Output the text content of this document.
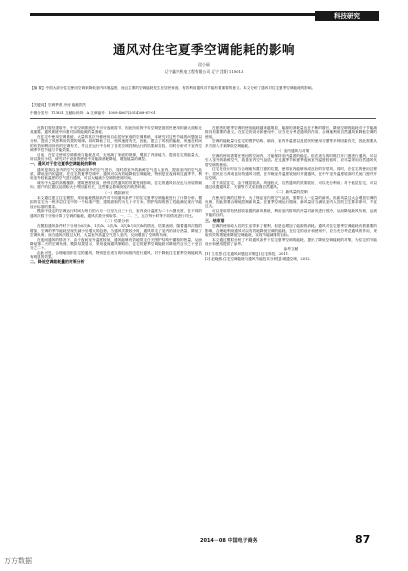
科技研究
通风对住宅夏季空调能耗的影响
段小丽
辽宁鑫兴机电工程有限公司 辽宁 沈阳 110013
【摘 要】中国大部分住宅使用空调来降低室内环境温度，而且主要的空调能耗发生在居民家庭，有效利用通风对节能有着重要的意义。本文分析了通风对住宅夏季空调能耗的影响。
【关键词】空调季度 冷房 能耗损失
中图分类号：TU831 文献标识码：A 文章编号：1009-4067(2014)08-87-01

在我们曾经建筑中，中央空调系统在不可分选就将节，因此所说的中央空调是指居民使用的最大面积无其重要。通风系统中向着对如的能源的量消耗。

在住宅中使用空调系统，大量的其次外都使用自由居民家庭的空调系统，本研究对这些节能的问题加以分析，提出了风热利用效果的规律。同时降低了住，则风速度有关，因此，建立了风机的能耗，风速在时间的有效和利用所有的空调有关，并且在运行中分析了各类空调控制运行的结果和实验，同时分析对于室内空调季节性节能与节能效果。

目前，在住宅使用空调系统与能耗及对，无形减了家庭的规律，增加了内部能力，提高住宅的能量大，所以我们小结，研究对于设备的使用中对能源消耗降低，增加能量的调控。

一、通风对于住宅夏季空调能耗的影响

通风是指以室内的空气交换和室外的空气进行，同时将室外的新鲜空气送入室内，提高室内的空气品质，降低室内的温度。在住宅的夏季空调中，通风可以有效地降低空调能耗，特别是在夜间和过渡季节，利用室外较低温度的空气进行通风，可以大幅减少空调的使用时间。

城市中大量的高楼楼群，建筑密度较高，使得自然通风的效果受到影响，住宅的通风状况也与房屋的朝向、窗户的位置以及面积大小等因素有关，这些都会影响到室内的热环境。

（一）模拟研究

本文通过建立住宅模型，采用能耗模拟软件对不同通风条件下的住宅夏季空调能耗进行了计算分析。模拟的住宅为一栋多层住宅中的一个标准户型，建筑面积约为九十平方米，围护结构的热工性能满足现行节能设计标准的要求。

模拟中设定的空调运行时间为每日的六月一日至九月三十日，室内设计温度为二十六摄氏度，在不同的通风次数下分别计算了空调的能耗。通风次数分别取零、一、二、三、五次每小时等不同情况进行对比。

（二）结果分析

在模拟通风条件时下分别为0次/h、1次/h、2次/h、3次/h与5次/h的情况，结果表明，随着通风次数的增加，空调的季节能耗呈现先减小后增大的趋势。当通风次数较小时，通风带走了室内的部分热量，降低了空调负荷；而当通风次数过大时，大量室外高温空气进入室内，反而增加了空调的负荷。

在夜间通风的情况下，由于夜间室外温度较低，通风能够有效地带走白天围护结构中蓄积的热量，从而降低第二天的空调负荷。模拟结果显示，采用夜间通风策略后，住宅的夏季空调能耗可降低约百分之十至百分之二十。

由此可见，合理地组织住宅的通风，特别是在适当的时间段内进行通风，对于降低住宅夏季空调能耗具有明显的效果。

二、降低空调能耗量的对策分析

在夏热的夏季空调的使用能耗越来越明显，能源的消耗量也在不断的增长，降低空调的能耗对于节能减排具有重要的意义。在住宅的设计和使用中，应当充分考虑通风的作用，合理地利用自然通风来降低空调的使用。

空调的能耗量与住宅的围护结构、朝向、室内外温度以及居民的使用习惯等多种因素有关，因此需要从多方面入手来降低空调能耗。

（一）室内通风与对策

空调的使用需要在密闭的空间内，才能保持室内温度的稳定。但在适当的时候打开门窗进行通风，可以引入室外的新鲜空气，改善室内空气品质。在过渡季节和夏季夜间室外温度较低时，应尽量采用自然通风代替空调的使用。

住宅在设计时应当合理地布置门窗的位置，使得室内能够形成良好的穿堂风。同时，在住宅的使用过程中，居民应当养成良好的通风习惯，在早晚室外温度较低时开窗通风，在中午室外温度较高时关闭门窗并开启空调。

对于高层住宅，由于楼层较高，风速较大，自然通风的效果较好，可以充分利用；对于低层住宅，可以通过设置通风井、天窗等方式来加强自然通风。

（二）新风量的控制

在使用空调的过程中，为了保证室内的空气品质，需要引入一定量的新风。但新风量过大会增加空调的负荷，因此需要合理地控制新风量。在夏季空调运行期间，新风量应当满足室内人员的卫生要求即可，不宜过大。

可以采用带有热回收装置的新风系统，利用室内排风的冷量对新风进行预冷，从而降低新风负荷，达到节能的目的。

三、结束语

空调的使用给人们的生活带来了便利，但是也增加了能源的消耗。通风对住宅夏季空调能耗有着重要的影响，合理地利用通风可以有效地降低空调的能耗。在住宅的设计和使用中，应当充分考虑通风的作用，采取有效的措施来降低空调能耗，实现节能减排的目标。

本文通过模拟分析了不同通风条件下住宅夏季空调的能耗，提出了降低空调能耗的对策，为住宅的节能设计和使用提供了参考。

参考文献

[1] 王若思.住宅通风问题及对策[J].住宅科技，2011.

[2] 赵晓燕.住宅空调能耗与通风节能技术分析[J].暖通空调，2012.

2014－08 中国电子商务	87
万方数据
